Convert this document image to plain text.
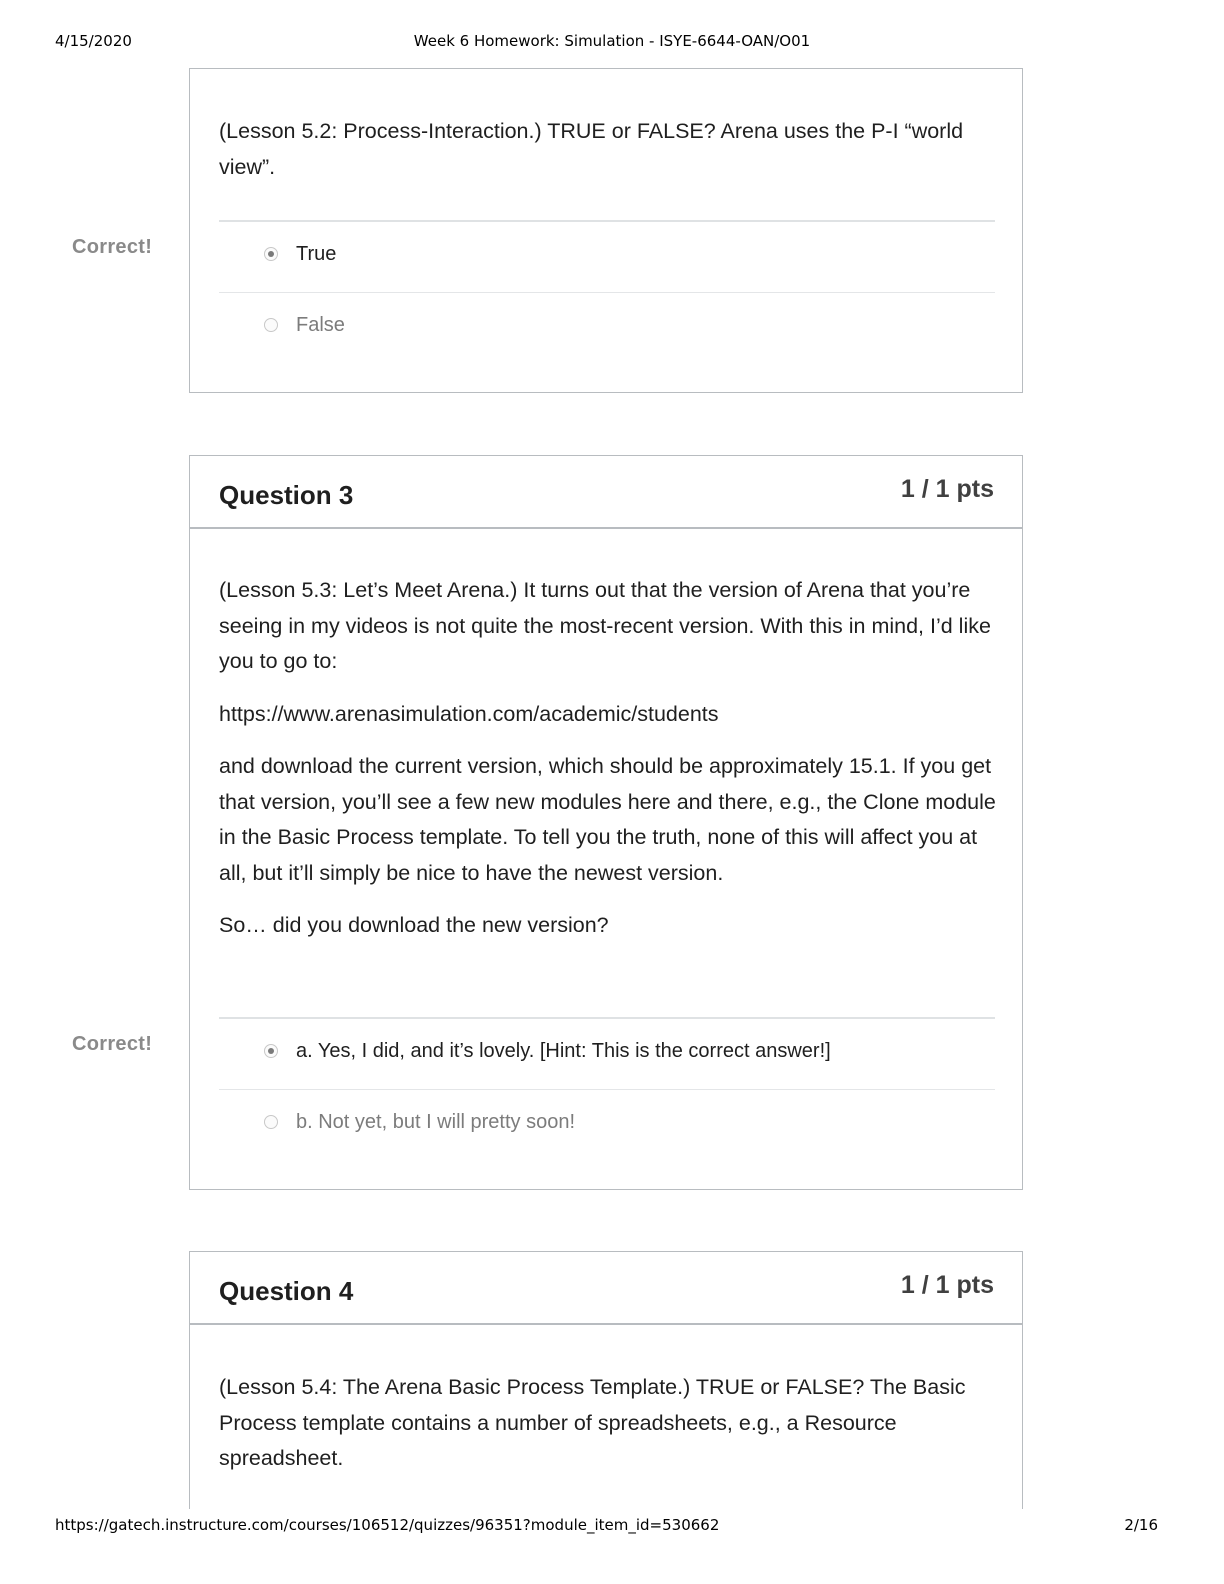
4/15/2020	Week 6 Homework: Simulation - ISYE-6644-OAN/O01
(Lesson 5.2: Process-Interaction.) TRUE or FALSE? Arena uses the P-I “world view”.
True
False
Correct!
Question 3	1 / 1 pts

(Lesson 5.3: Let’s Meet Arena.) It turns out that the version of Arena that you’re seeing in my videos is not quite the most-recent version. With this in mind, I’d like you to go to:

https://www.arenasimulation.com/academic/students

and download the current version, which should be approximately 15.1. If you get that version, you’ll see a few new modules here and there, e.g., the Clone module in the Basic Process template. To tell you the truth, none of this will affect you at all, but it’ll simply be nice to have the newest version.

So… did you download the new version?

a. Yes, I did, and it’s lovely. [Hint: This is the correct answer!]
b. Not yet, but I will pretty soon!
Correct!
Question 4	1 / 1 pts
(Lesson 5.4: The Arena Basic Process Template.) TRUE or FALSE? The Basic Process template contains a number of spreadsheets, e.g., a Resource spreadsheet.
https://gatech.instructure.com/courses/106512/quizzes/96351?module_item_id=530662	2/16
